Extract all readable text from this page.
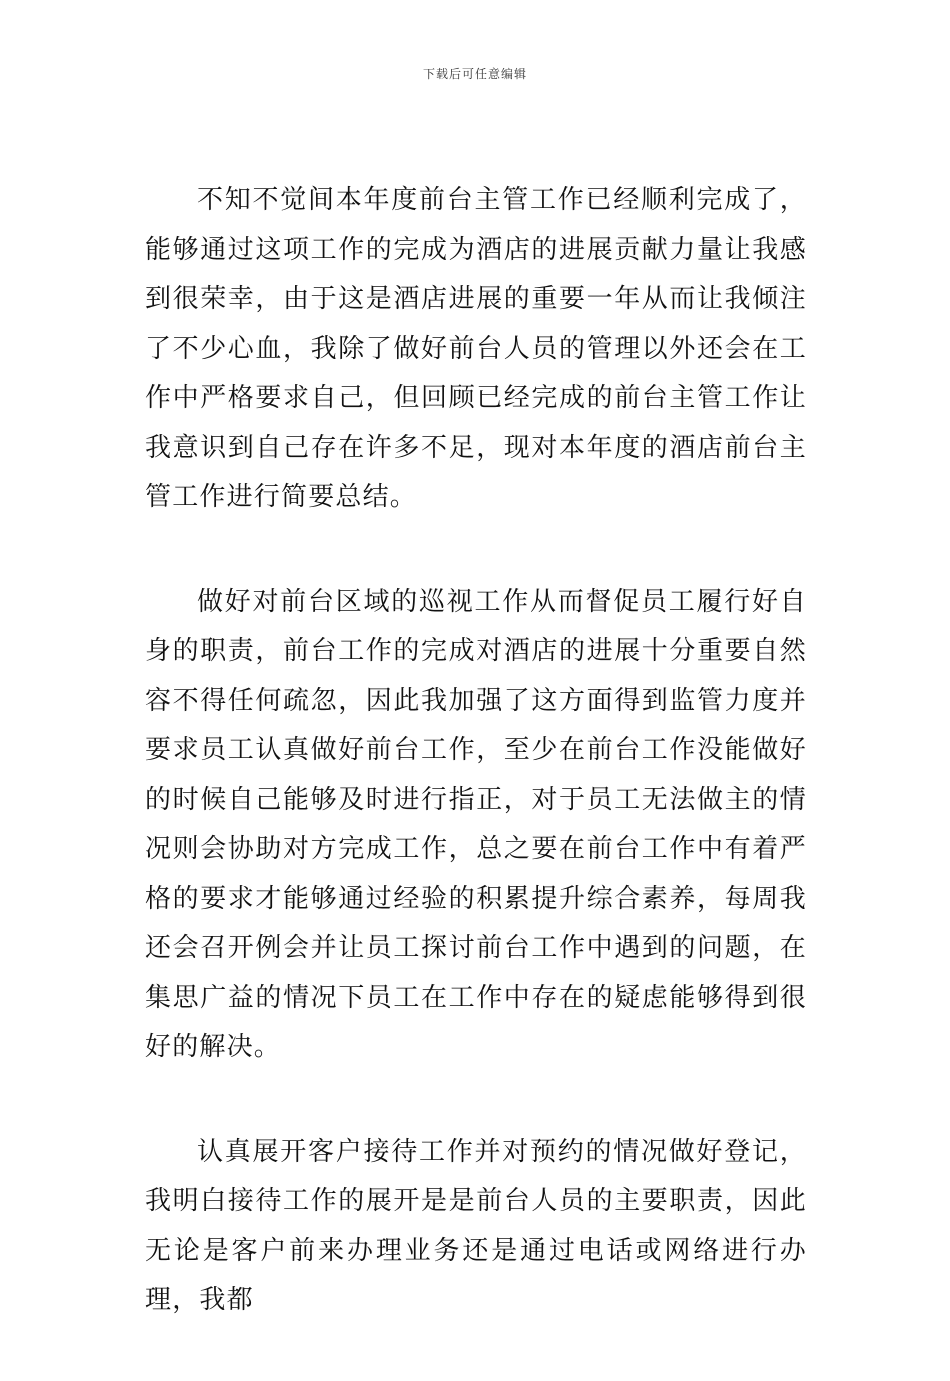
下载后可任意编辑

不知不觉间本年度前台主管工作已经顺利完成了，能够通过这项工作的完成为酒店的进展贡献力量让我感到很荣幸，由于这是酒店进展的重要一年从而让我倾注了不少心血，我除了做好前台人员的管理以外还会在工作中严格要求自己，但回顾已经完成的前台主管工作让我意识到自己存在许多不足，现对本年度的酒店前台主管工作进行简要总结。

做好对前台区域的巡视工作从而督促员工履行好自身的职责，前台工作的完成对酒店的进展十分重要自然容不得任何疏忽，因此我加强了这方面得到监管力度并要求员工认真做好前台工作，至少在前台工作没能做好的时候自己能够及时进行指正，对于员工无法做主的情况则会协助对方完成工作，总之要在前台工作中有着严格的要求才能够通过经验的积累提升综合素养，每周我还会召开例会并让员工探讨前台工作中遇到的问题，在集思广益的情况下员工在工作中存在的疑虑能够得到很好的解决。

认真展开客户接待工作并对预约的情况做好登记，我明白接待工作的展开是是前台人员的主要职责，因此无论是客户前来办理业务还是通过电话或网络进行办理，我都
